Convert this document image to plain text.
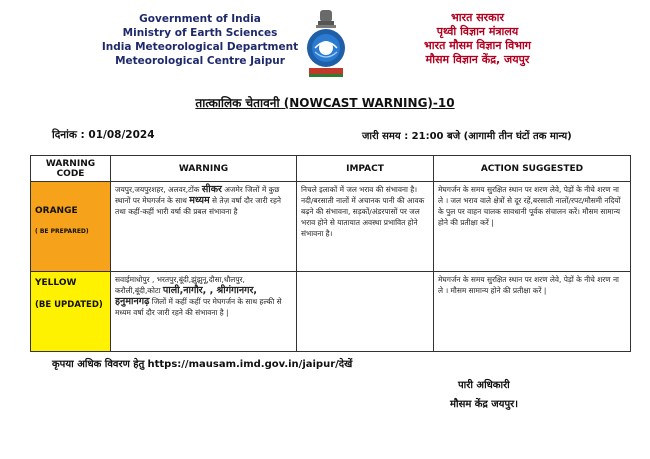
Government of India
Ministry of Earth Sciences
India Meteorological Department
Meteorological Centre Jaipur
भारत सरकार
पृथ्वी विज्ञान मंत्रालय
भारत मौसम विज्ञान विभाग
मौसम विज्ञान केंद्र, जयपुर
तात्कालिक चेतावनी (NOWCAST WARNING)-10
दिनांक : 01/08/2024	जारी समय : 21:00 बजे (आगामी तीन घंटों तक मान्य)
WARNING CODE	WARNING	IMPACT	ACTION SUGGESTED

ORANGE
( BE PREPARED)	जयपुर,जयपुरशहर, अलवर,टोंक सीकर अजमेर जिलों में कुछ स्थानों पर मेघगर्जन के साथ मध्यम से तेज़ वर्षा दौर जारी रहने तथा कहीं-कहीं भारी वर्षा की प्रबल संभावना है	निचले इलाकों में जल भराव की संभावना है।नदी/बरसाती नालों में अचानक पानी की आवक बढ़ने की संभावना, सड़कों/अंडरपासों पर जल भराव होने से यातायात अवस्था प्रभावित होने संभावना है।	मेघगर्जन के समय सुरक्षित स्थान पर शरण लेवे, पेड़ों के नीचे शरण ना ले । जल भराव वाले क्षेत्रों से दूर रहें,बरसाती नालों/रपट/मौसमी नदियों के पुल पर वाहन चालक सावधानी पूर्वक संचालन करें। मौसम सामान्य होने की प्रतीक्षा करें |

YELLOW
(BE UPDATED)	सवाईमाधोपुर , भरतपुर,बूंदी,झुंझुनू,दौसा,धौलपुर, करौली,बूंदी,कोटा पाली,नागौर, , श्रीगंगानगर, हनुमानगढ़ जिलों में कहीं कहीं पर मेघगर्जन के साथ हल्की से मध्यम वर्षा दौर जारी रहने की संभावना है |		मेघगर्जन के समय सुरक्षित स्थान पर शरण लेवे, पेड़ों के नीचे शरण ना ले । मौसम सामान्य होने की प्रतीक्षा करें |
कृपया अधिक विवरण हेतु https://mausam.imd.gov.in/jaipur/देखें
पारी अधिकारी
मौसम केंद्र जयपुर।
